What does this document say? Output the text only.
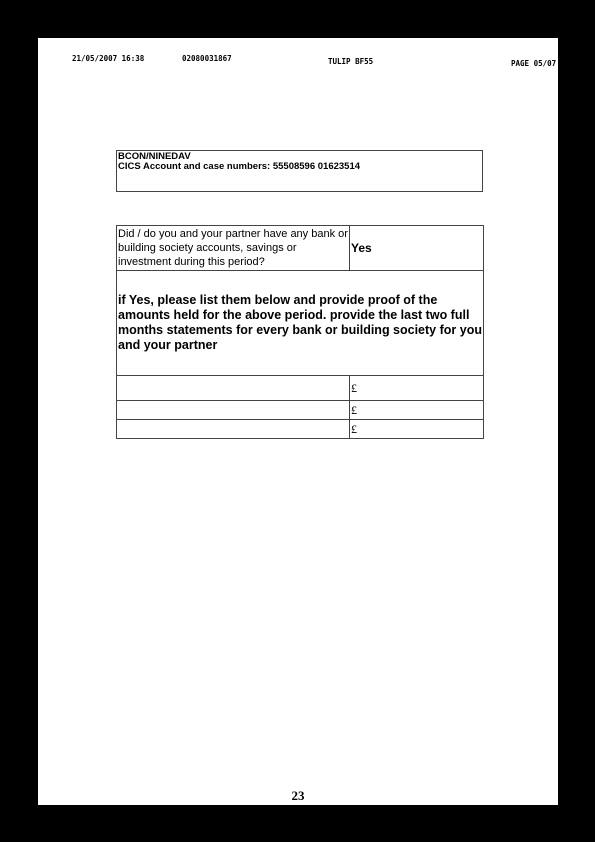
21/05/2007 16:38	02080031867	TULIP BF55	PAGE 05/07
BCON/NINEDAV
CICS Account and case numbers: 55508596 01623514
Did / do you and your partner have any bank or building society accounts, savings or investment during this period?	Yes
if Yes, please list them below and provide proof of the amounts held for the above period. provide the last two full months statements for every bank or building society for you and your partner	
	£
	£
	£
23
